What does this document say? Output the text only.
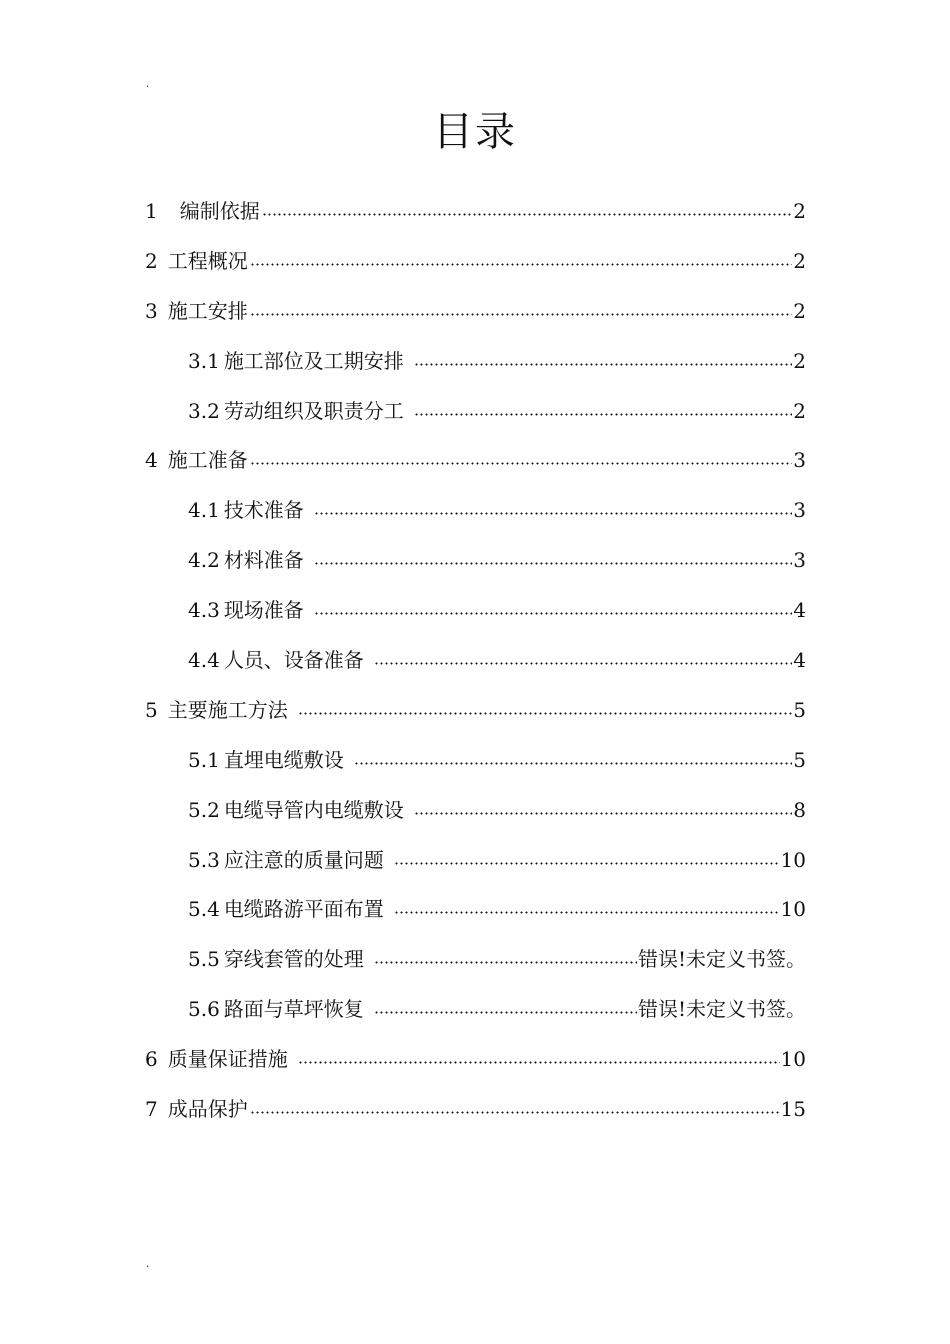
.
目录
1 编制依据	2
2 工程概况	2
3 施工安排	2
3.1 施工部位及工期安排	2
3.2 劳动组织及职责分工	2
4 施工准备	3
4.1 技术准备	3
4.2 材料准备	3
4.3 现场准备	4
4.4 人员、设备准备	4
5 主要施工方法	5
5.1 直埋电缆敷设	5
5.2 电缆导管内电缆敷设	8
5.3 应注意的质量问题	10
5.4 电缆路游平面布置	10
5.5 穿线套管的处理	错误!未定义书签。
5.6 路面与草坪恢复	错误!未定义书签。
6 质量保证措施	10
7 成品保护	15
.
